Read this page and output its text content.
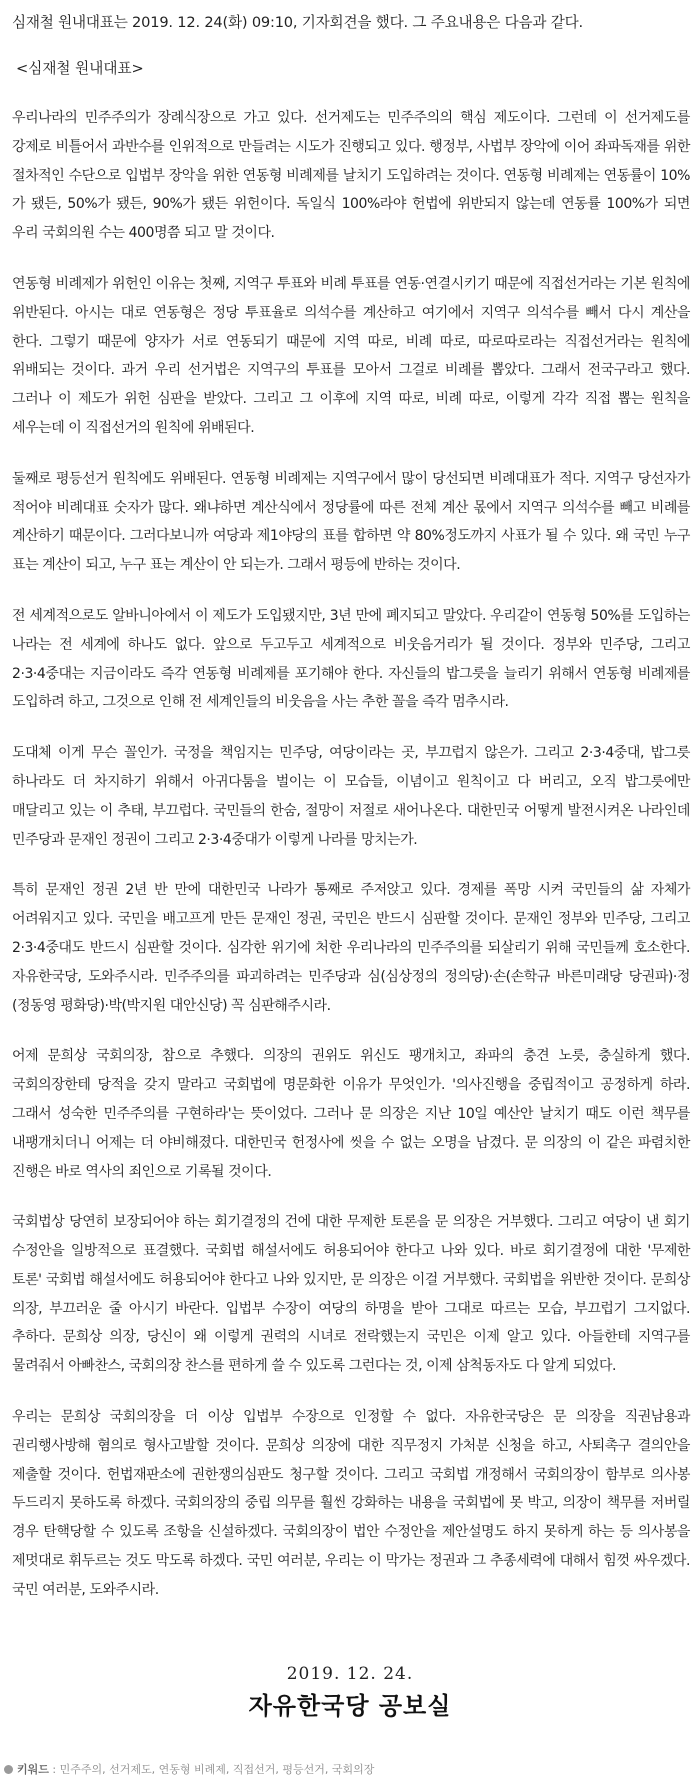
심재철 원내대표는 2019. 12. 24(화) 09:10, 기자회견을 했다. 그 주요내용은 다음과 같다.

<심재철 원내대표>

우리나라의 민주주의가 장례식장으로 가고 있다. 선거제도는 민주주의의 핵심 제도이다. 그런데 이 선거제도를 강제로 비틀어서 과반수를 인위적으로 만들려는 시도가 진행되고 있다. 행정부, 사법부 장악에 이어 좌파독재를 위한 절차적인 수단으로 입법부 장악을 위한 연동형 비례제를 날치기 도입하려는 것이다. 연동형 비례제는 연동률이 10%가 됐든, 50%가 됐든, 90%가 됐든 위헌이다. 독일식 100%라야 헌법에 위반되지 않는데 연동률 100%가 되면 우리 국회의원 수는 400명쯤 되고 말 것이다.

연동형 비례제가 위헌인 이유는 첫째, 지역구 투표와 비례 투표를 연동·연결시키기 때문에 직접선거라는 기본 원칙에 위반된다. 아시는 대로 연동형은 정당 투표율로 의석수를 계산하고 여기에서 지역구 의석수를 빼서 다시 계산을 한다. 그렇기 때문에 양자가 서로 연동되기 때문에 지역 따로, 비례 따로, 따로따로라는 직접선거라는 원칙에 위배되는 것이다. 과거 우리 선거법은 지역구의 투표를 모아서 그걸로 비례를 뽑았다. 그래서 전국구라고 했다. 그러나 이 제도가 위헌 심판을 받았다. 그리고 그 이후에 지역 따로, 비례 따로, 이렇게 각각 직접 뽑는 원칙을 세우는데 이 직접선거의 원칙에 위배된다.

둘째로 평등선거 원칙에도 위배된다. 연동형 비례제는 지역구에서 많이 당선되면 비례대표가 적다. 지역구 당선자가 적어야 비례대표 숫자가 많다. 왜냐하면 계산식에서 정당률에 따른 전체 계산 몫에서 지역구 의석수를 빼고 비례를 계산하기 때문이다. 그러다보니까 여당과 제1야당의 표를 합하면 약 80%정도까지 사표가 될 수 있다. 왜 국민 누구 표는 계산이 되고, 누구 표는 계산이 안 되는가. 그래서 평등에 반하는 것이다.

전 세계적으로도 알바니아에서 이 제도가 도입됐지만, 3년 만에 폐지되고 말았다. 우리같이 연동형 50%를 도입하는 나라는 전 세계에 하나도 없다. 앞으로 두고두고 세계적으로 비웃음거리가 될 것이다. 정부와 민주당, 그리고 2·3·4중대는 지금이라도 즉각 연동형 비례제를 포기해야 한다. 자신들의 밥그릇을 늘리기 위해서 연동형 비례제를 도입하려 하고, 그것으로 인해 전 세계인들의 비웃음을 사는 추한 꼴을 즉각 멈추시라.

도대체 이게 무슨 꼴인가. 국정을 책임지는 민주당, 여당이라는 곳, 부끄럽지 않은가. 그리고 2·3·4중대, 밥그릇 하나라도 더 차지하기 위해서 아귀다툼을 벌이는 이 모습들, 이념이고 원칙이고 다 버리고, 오직 밥그릇에만 매달리고 있는 이 추태, 부끄럽다. 국민들의 한숨, 절망이 저절로 새어나온다. 대한민국 어떻게 발전시켜온 나라인데 민주당과 문재인 정권이 그리고 2·3·4중대가 이렇게 나라를 망치는가.

특히 문재인 정권 2년 반 만에 대한민국 나라가 통째로 주저앉고 있다. 경제를 폭망 시켜 국민들의 삶 자체가 어려워지고 있다. 국민을 배고프게 만든 문재인 정권, 국민은 반드시 심판할 것이다. 문재인 정부와 민주당, 그리고 2·3·4중대도 반드시 심판할 것이다. 심각한 위기에 처한 우리나라의 민주주의를 되살리기 위해 국민들께 호소한다. 자유한국당, 도와주시라. 민주주의를 파괴하려는 민주당과 심(심상정의 정의당)·손(손학규 바른미래당 당권파)·정(정동영 평화당)·박(박지원 대안신당) 꼭 심판해주시라.

어제 문희상 국회의장, 참으로 추했다. 의장의 권위도 위신도 팽개치고, 좌파의 충견 노릇, 충실하게 했다. 국회의장한테 당적을 갖지 말라고 국회법에 명문화한 이유가 무엇인가. '의사진행을 중립적이고 공정하게 하라. 그래서 성숙한 민주주의를 구현하라'는 뜻이었다. 그러나 문 의장은 지난 10일 예산안 날치기 때도 이런 책무를 내팽개치더니 어제는 더 야비해졌다. 대한민국 헌정사에 씻을 수 없는 오명을 남겼다. 문 의장의 이 같은 파렴치한 진행은 바로 역사의 죄인으로 기록될 것이다.

국회법상 당연히 보장되어야 하는 회기결정의 건에 대한 무제한 토론을 문 의장은 거부했다. 그리고 여당이 낸 회기 수정안을 일방적으로 표결했다. 국회법 해설서에도 허용되어야 한다고 나와 있다. 바로 회기결정에 대한 '무제한 토론' 국회법 해설서에도 허용되어야 한다고 나와 있지만, 문 의장은 이걸 거부했다. 국회법을 위반한 것이다. 문희상 의장, 부끄러운 줄 아시기 바란다. 입법부 수장이 여당의 하명을 받아 그대로 따르는 모습, 부끄럽기 그지없다. 추하다. 문희상 의장, 당신이 왜 이렇게 권력의 시녀로 전락했는지 국민은 이제 알고 있다. 아들한테 지역구를 물려줘서 아빠찬스, 국회의장 찬스를 편하게 쓸 수 있도록 그런다는 것, 이제 삼척동자도 다 알게 되었다.

우리는 문희상 국회의장을 더 이상 입법부 수장으로 인정할 수 없다. 자유한국당은 문 의장을 직권남용과 권리행사방해 혐의로 형사고발할 것이다. 문희상 의장에 대한 직무정지 가처분 신청을 하고, 사퇴촉구 결의안을 제출할 것이다. 헌법재판소에 권한쟁의심판도 청구할 것이다. 그리고 국회법 개정해서 국회의장이 함부로 의사봉 두드리지 못하도록 하겠다. 국회의장의 중립 의무를 훨씬 강화하는 내용을 국회법에 못 박고, 의장이 책무를 저버릴 경우 탄핵당할 수 있도록 조항을 신설하겠다. 국회의장이 법안 수정안을 제안설명도 하지 못하게 하는 등 의사봉을 제멋대로 휘두르는 것도 막도록 하겠다. 국민 여러분, 우리는 이 막가는 정권과 그 추종세력에 대해서 힘껏 싸우겠다. 국민 여러분, 도와주시라.

2019. 12. 24.
자유한국당 공보실
키워드 : 민주주의, 선거제도, 연동형 비례제, 직접선거, 평등선거, 국회의장
